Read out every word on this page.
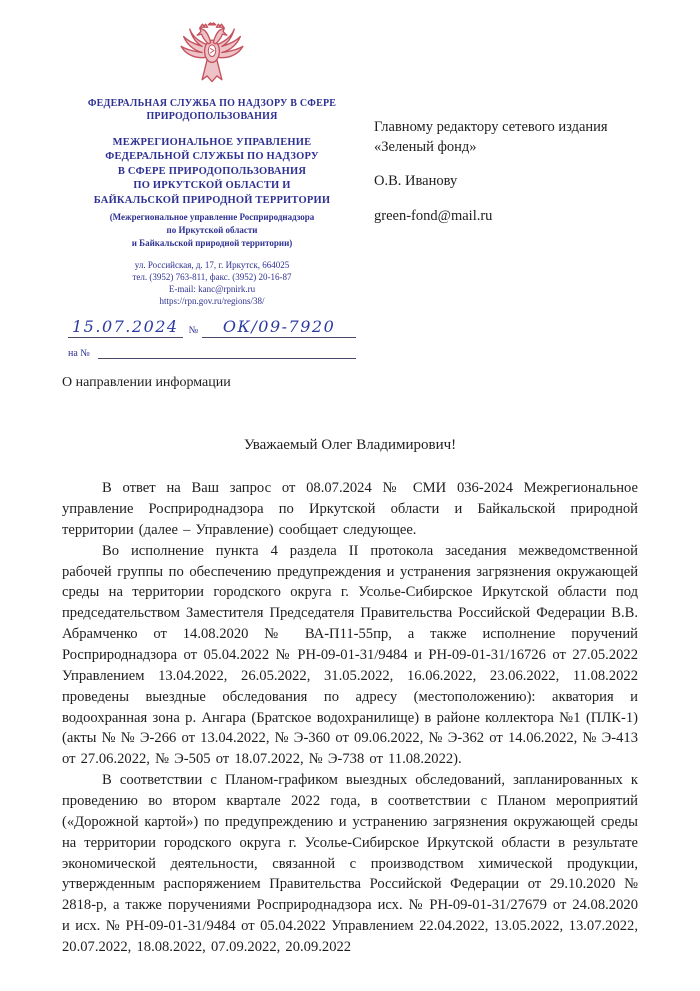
ФЕДЕРАЛЬНАЯ СЛУЖБА ПО НАДЗОРУ В СФЕРЕ ПРИРОДОПОЛЬЗОВАНИЯ
МЕЖРЕГИОНАЛЬНОЕ УПРАВЛЕНИЕ
ФЕДЕРАЛЬНОЙ СЛУЖБЫ ПО НАДЗОРУ
В СФЕРЕ ПРИРОДОПОЛЬЗОВАНИЯ
ПО ИРКУТСКОЙ ОБЛАСТИ И
БАЙКАЛЬСКОЙ ПРИРОДНОЙ ТЕРРИТОРИИ
(Межрегиональное управление Росприроднадзора
по Иркутской области
и Байкальской природной территории)
ул. Российская, д. 17, г. Иркутск, 664025
тел. (3952) 763-811, факс. (3952) 20-16-87
E-mail: kanc@rpnirk.ru
https://rpn.gov.ru/regions/38/
15.07.2024	№	ОК/09-7920
на №
Главному редактору сетевого издания
«Зеленый фонд»
О.В. Иванову
green-fond@mail.ru
О направлении информации
Уважаемый Олег Владимирович!

В ответ на Ваш запрос от 08.07.2024 № СМИ 036-2024 Межрегиональное управление Росприроднадзора по Иркутской области и Байкальской природной территории (далее – Управление) сообщает следующее.

Во исполнение пункта 4 раздела II протокола заседания межведомственной рабочей группы по обеспечению предупреждения и устранения загрязнения окружающей среды на территории городского округа г. Усолье-Сибирское Иркутской области под председательством Заместителя Председателя Правительства Российской Федерации В.В. Абрамченко от 14.08.2020 № ВА-П11-55пр, а также исполнение поручений Росприроднадзора от 05.04.2022 № РН-09-01-31/9484 и РН-09-01-31/16726 от 27.05.2022 Управлением 13.04.2022, 26.05.2022, 31.05.2022, 16.06.2022, 23.06.2022, 11.08.2022 проведены выездные обследования по адресу (местоположению): акватория и водоохранная зона р. Ангара (Братское водохранилище) в районе коллектора №1 (ПЛК-1) (акты № № Э-266 от 13.04.2022, № Э-360 от 09.06.2022, № Э-362 от 14.06.2022, № Э-413 от 27.06.2022, № Э-505 от 18.07.2022, № Э-738 от 11.08.2022).

В соответствии с Планом-графиком выездных обследований, запланированных к проведению во втором квартале 2022 года, в соответствии с Планом мероприятий («Дорожной картой») по предупреждению и устранению загрязнения окружающей среды на территории городского округа г. Усолье-Сибирское Иркутской области в результате экономической деятельности, связанной с производством химической продукции, утвержденным распоряжением Правительства Российской Федерации от 29.10.2020 № 2818-р, а также поручениями Росприроднадзора исх. № РН-09-01-31/27679 от 24.08.2020 и исх. № РН-09-01-31/9484 от 05.04.2022 Управлением 22.04.2022, 13.05.2022, 13.07.2022, 20.07.2022, 18.08.2022, 07.09.2022, 20.09.2022
